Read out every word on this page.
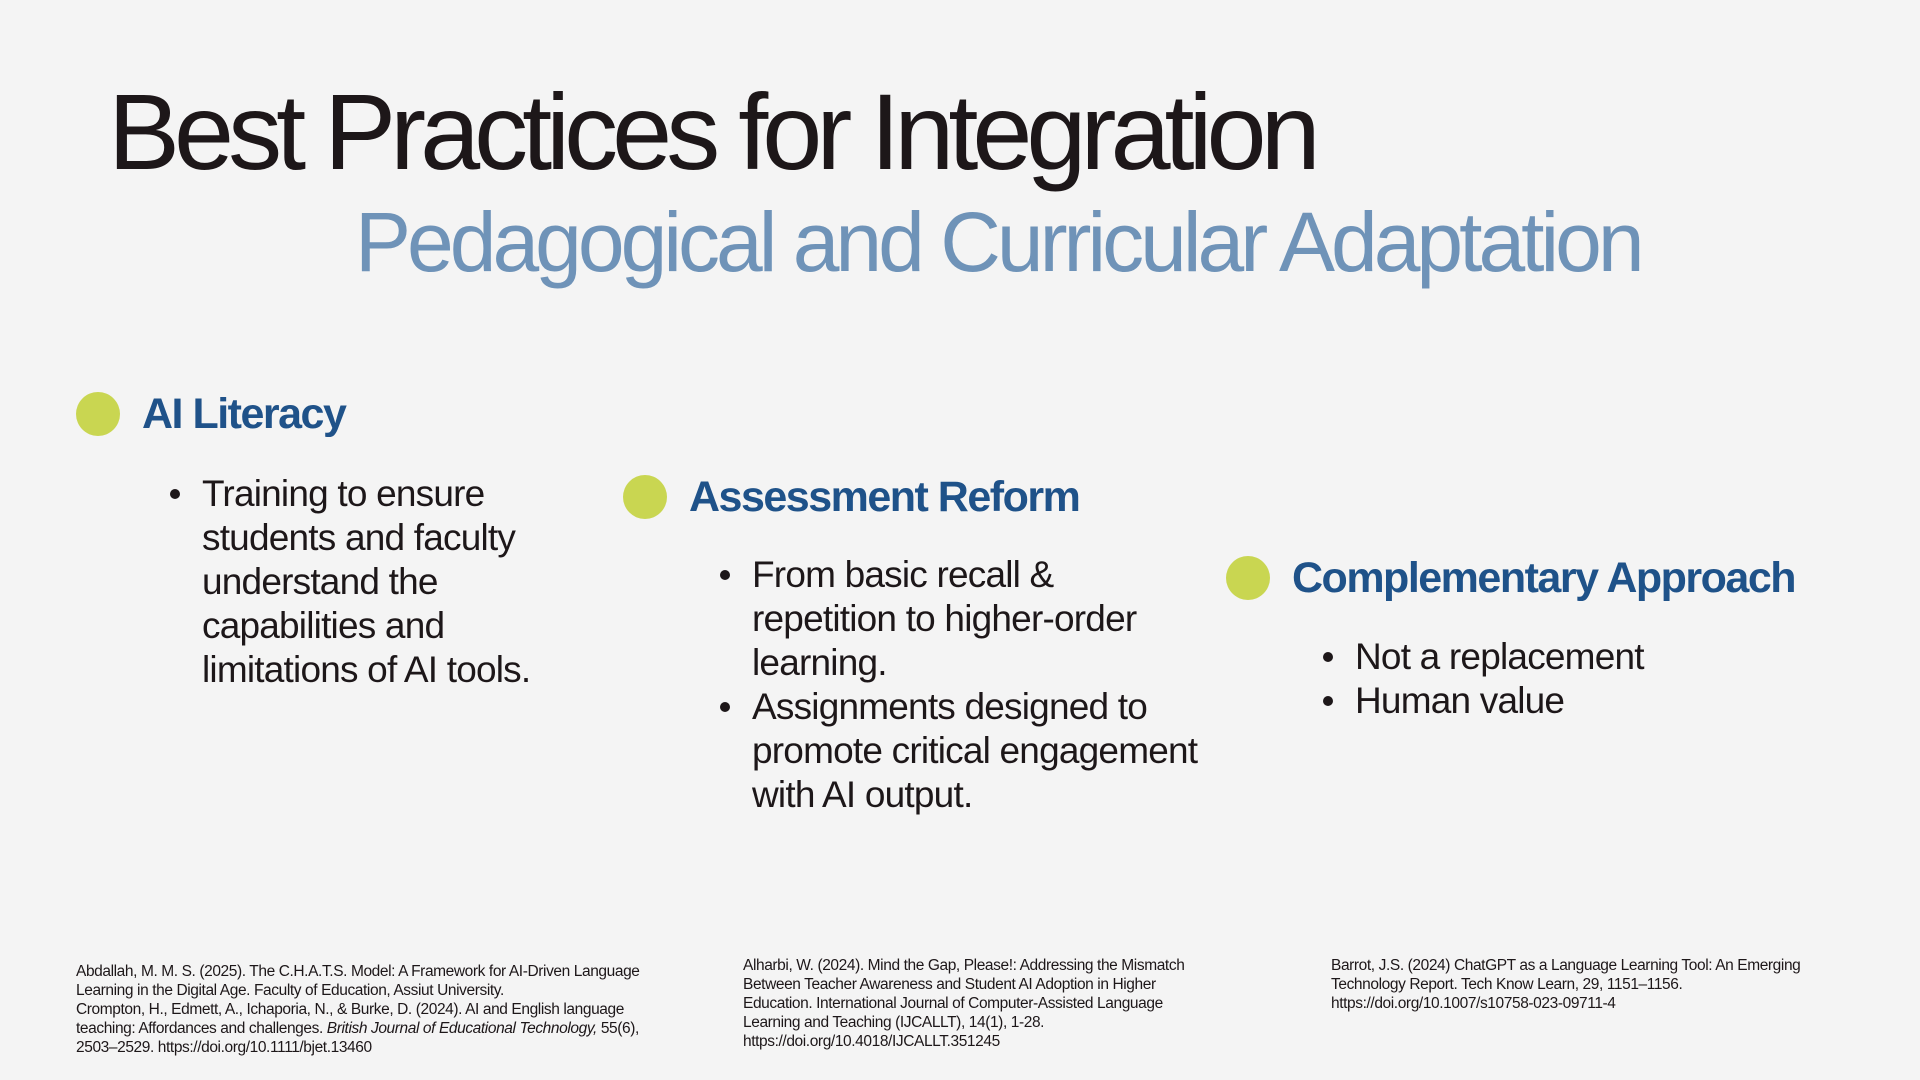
Best Practices for Integration
Pedagogical and Curricular Adaptation
AI Literacy
Training to ensure students and faculty understand the capabilities and limitations of AI tools.
Assessment Reform
From basic recall & repetition to higher-order learning.
Assignments designed to promote critical engagement with AI output.
Complementary Approach
Not a replacement
Human value

Abdallah, M. M. S. (2025). The C.H.A.T.S. Model: A Framework for AI-Driven Language Learning in the Digital Age. Faculty of Education, Assiut University.

Crompton, H., Edmett, A., Ichaporia, N., & Burke, D. (2024). AI and English language teaching: Affordances and challenges. British Journal of Educational Technology, 55(6), 2503–2529. https://doi.org/10.1111/bjet.13460

Alharbi, W. (2024). Mind the Gap, Please!: Addressing the Mismatch Between Teacher Awareness and Student AI Adoption in Higher Education. International Journal of Computer-Assisted Language Learning and Teaching (IJCALLT), 14(1), 1-28. https://doi.org/10.4018/IJCALLT.351245

Barrot, J.S. (2024) ChatGPT as a Language Learning Tool: An Emerging Technology Report. Tech Know Learn, 29, 1151–1156. https://doi.org/10.1007/s10758-023-09711-4
